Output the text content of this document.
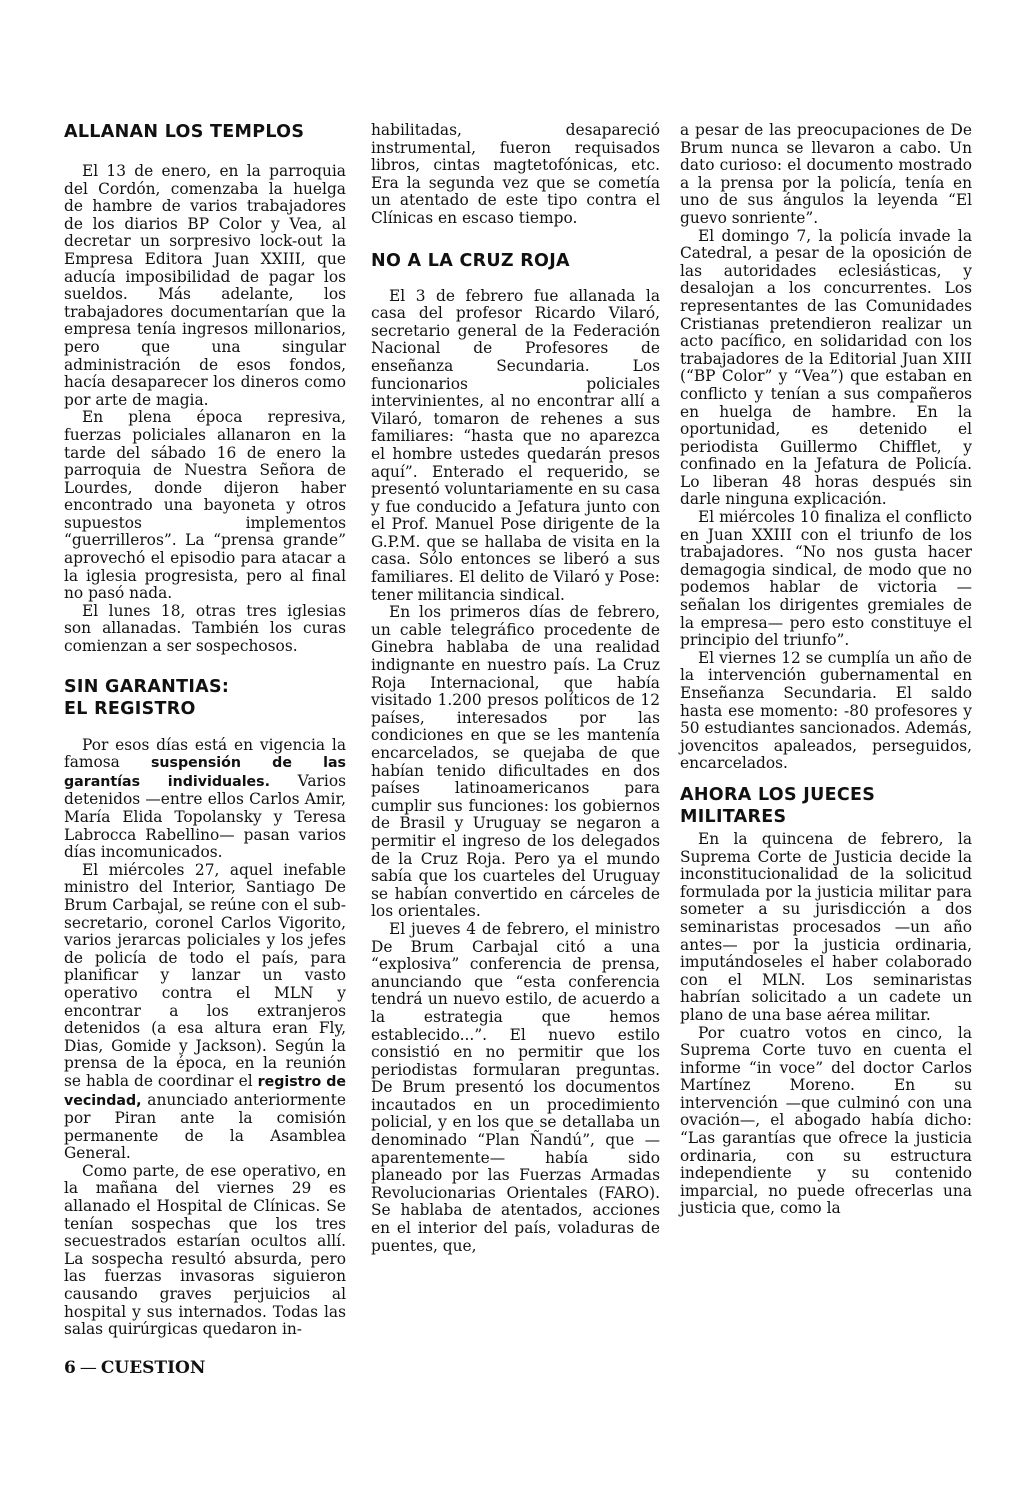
ALLANAN LOS TEMPLOS

El 13 de enero, en la parroquia del Cordón, comenzaba la huelga de hambre de varios trabajadores de los diarios BP Color y Vea, al decretar un sorpresivo lock-out la Empresa Editora Juan XXIII, que aducía imposibilidad de pagar los sueldos. Más adelante, los trabajadores documentarían que la empresa tenía ingresos millonarios, pero que una singular administración de esos fondos, hacía desaparecer los dineros como por arte de magia.

En plena época represiva, fuerzas policiales allanaron en la tarde del sábado 16 de enero la parroquia de Nuestra Señora de Lourdes, donde dijeron haber encontrado una bayoneta y otros supuestos implementos “guerrilleros”. La “prensa grande” aprovechó el episodio para atacar a la iglesia progresista, pero al final no pasó nada.

El lunes 18, otras tres iglesias son allanadas. También los curas comienzan a ser sospechosos.

SIN GARANTIAS:
EL REGISTRO

Por esos días está en vigencia la famosa suspensión de las garantías individuales. Varios detenidos —entre ellos Carlos Amir, María Elida Topolansky y Teresa Labrocca Rabellino— pasan varios días incomunicados.

El miércoles 27, aquel inefable ministro del Interior, Santiago De Brum Carbajal, se reúne con el sub-secretario, coronel Carlos Vigorito, varios jerarcas policiales y los jefes de policía de todo el país, para planificar y lanzar un vasto operativo contra el MLN y encontrar a los extranjeros detenidos (a esa altura eran Fly, Dias, Gomide y Jackson). Según la prensa de la época, en la reunión se habla de coordinar el registro de vecindad, anunciado anteriormente por Piran ante la comisión permanente de la Asamblea General.

Como parte, de ese operativo, en la mañana del viernes 29 es allanado el Hospital de Clínicas. Se tenían sospechas que los tres secuestrados estarían ocultos allí. La sospecha resultó absurda, pero las fuerzas invasoras siguieron causando graves perjuicios al hospital y sus internados. Todas las salas quirúrgicas quedaron in-

habilitadas, desapareció instrumental, fueron requisados libros, cintas magtetofónicas, etc. Era la segunda vez que se cometía un atentado de este tipo contra el Clínicas en escaso tiempo.

NO A LA CRUZ ROJA

El 3 de febrero fue allanada la casa del profesor Ricardo Vilaró, secretario general de la Federación Nacional de Profesores de enseñanza Secundaria. Los funcionarios policiales intervinientes, al no encontrar allí a Vilaró, tomaron de rehenes a sus familiares: “hasta que no aparezca el hombre ustedes quedarán presos aquí”. Enterado el requerido, se presentó voluntariamente en su casa y fue conducido a Jefatura junto con el Prof. Manuel Pose dirigente de la G.P.M. que se hallaba de visita en la casa. Sólo entonces se liberó a sus familiares. El delito de Vilaró y Pose: tener militancia sindical.

En los primeros días de febrero, un cable telegráfico procedente de Ginebra hablaba de una realidad indignante en nuestro país. La Cruz Roja Internacional, que había visitado 1.200 presos políticos de 12 países, interesados por las condiciones en que se les mantenía encarcelados, se quejaba de que habían tenido dificultades en dos países latinoamericanos para cumplir sus funciones: los gobiernos de Brasil y Uruguay se negaron a permitir el ingreso de los delegados de la Cruz Roja. Pero ya el mundo sabía que los cuarteles del Uruguay se habían convertido en cárceles de los orientales.

El jueves 4 de febrero, el ministro De Brum Carbajal citó a una “explosiva” conferencia de prensa, anunciando que “esta conferencia tendrá un nuevo estilo, de acuerdo a la estrategia que hemos establecido...”. El nuevo estilo consistió en no permitir que los periodistas formularan preguntas. De Brum presentó los documentos incautados en un procedimiento policial, y en los que se detallaba un denominado “Plan Ñandú”, que —aparentemente— había sido planeado por las Fuerzas Armadas Revolucionarias Orientales (FARO). Se hablaba de atentados, acciones en el interior del país, voladuras de puentes, que,

a pesar de las preocupaciones de De Brum nunca se llevaron a cabo. Un dato curioso: el documento mostrado a la prensa por la policía, tenía en uno de sus ángulos la leyenda “El guevo sonriente”.

El domingo 7, la policía invade la Catedral, a pesar de la oposición de las autoridades eclesiásticas, y desalojan a los concurrentes. Los representantes de las Comunidades Cristianas pretendieron realizar un acto pacífico, en solidaridad con los trabajadores de la Editorial Juan XIII (“BP Color” y “Vea”) que estaban en conflicto y tenían a sus compañeros en huelga de hambre. En la oportunidad, es detenido el periodista Guillermo Chifflet, y confinado en la Jefatura de Policía. Lo liberan 48 horas después sin darle ninguna explicación.

El miércoles 10 finaliza el conflicto en Juan XXIII con el triunfo de los trabajadores. “No nos gusta hacer demagogia sindical, de modo que no podemos hablar de victoria —señalan los dirigentes gremiales de la empresa— pero esto constituye el principio del triunfo”.

El viernes 12 se cumplía un año de la intervención gubernamental en Enseñanza Secundaria. El saldo hasta ese momento: -80 profesores y 50 estudiantes sancionados. Además, jovencitos apaleados, perseguidos, encarcelados.

AHORA LOS JUECES
MILITARES

En la quincena de febrero, la Suprema Corte de Justicia decide la inconstitucionalidad de la solicitud formulada por la justicia militar para someter a su jurisdicción a dos seminaristas procesados —un año antes— por la justicia ordinaria, imputándoseles el haber colaborado con el MLN. Los seminaristas habrían solicitado a un cadete un plano de una base aérea militar.

Por cuatro votos en cinco, la Suprema Corte tuvo en cuenta el informe “in voce” del doctor Carlos Martínez Moreno. En su intervención —que culminó con una ovación—, el abogado había dicho: “Las garantías que ofrece la justicia ordinaria, con su estructura independiente y su contenido imparcial, no puede ofrecerlas una justicia que, como la

6 — CUESTION
